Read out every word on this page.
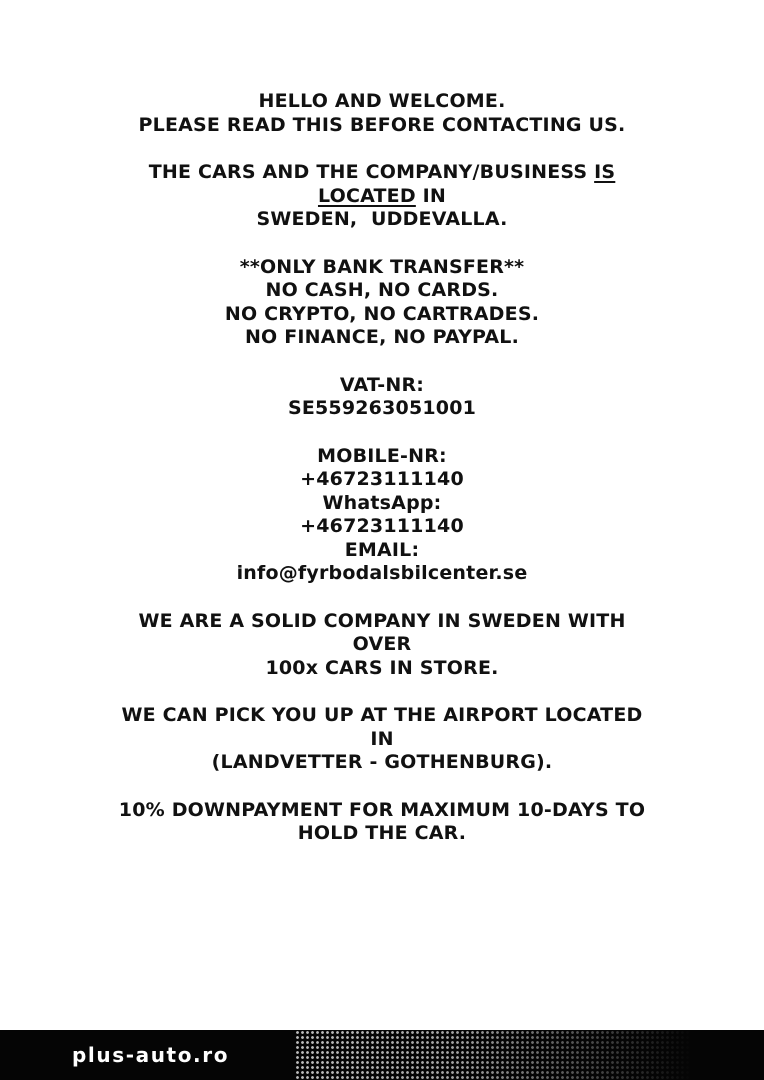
HELLO AND WELCOME.
PLEASE READ THIS BEFORE CONTACTING US.
THE CARS AND THE COMPANY/BUSINESS IS
LOCATED IN
SWEDEN,  UDDEVALLA.
**ONLY BANK TRANSFER**
NO CASH, NO CARDS.
NO CRYPTO, NO CARTRADES.
NO FINANCE, NO PAYPAL.
VAT-NR:
SE559263051001
MOBILE-NR:
+46723111140
WhatsApp:
+46723111140
EMAIL:
info@fyrbodalsbilcenter.se
WE ARE A SOLID COMPANY IN SWEDEN WITH
OVER
100x CARS IN STORE.
WE CAN PICK YOU UP AT THE AIRPORT LOCATED
IN
(LANDVETTER - GOTHENBURG).
10% DOWNPAYMENT FOR MAXIMUM 10-DAYS TO
HOLD THE CAR.
plus-auto.ro
